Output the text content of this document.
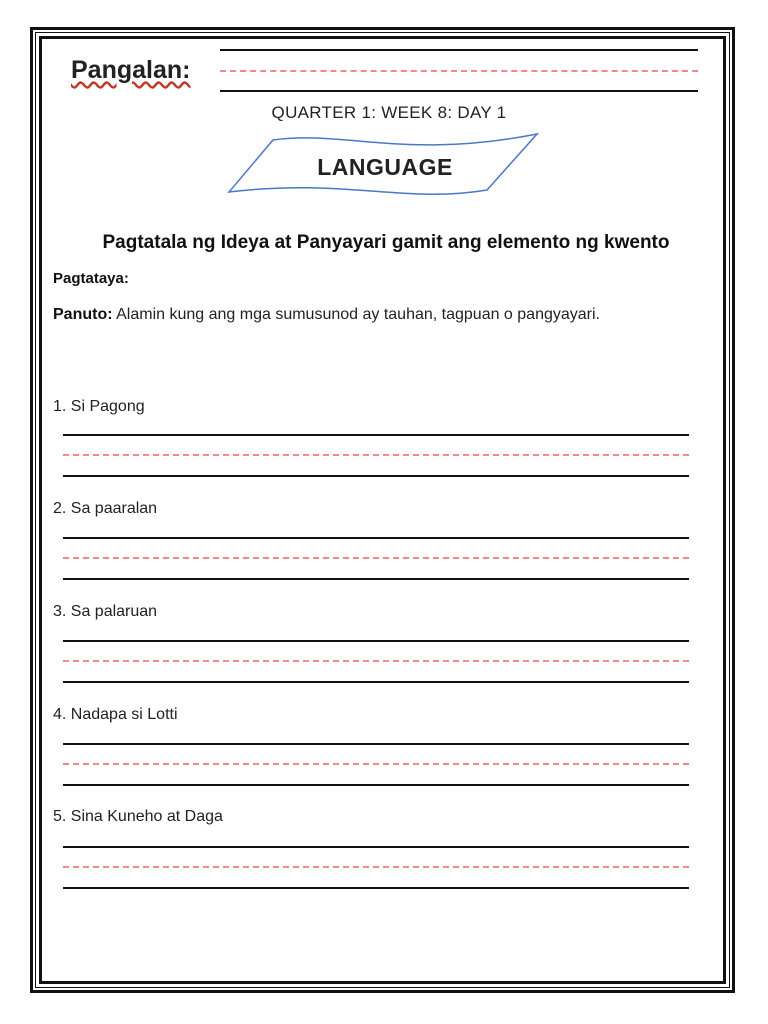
Pangalan:
QUARTER 1: WEEK 8: DAY 1
LANGUAGE
Pagtatala ng Ideya at Panyayari gamit ang elemento ng kwento
Pagtataya:
Panuto: Alamin kung ang mga sumusunod ay tauhan, tagpuan o pangyayari.
1. Si Pagong
2. Sa paaralan
3. Sa palaruan
4. Nadapa si Lotti
5. Sina Kuneho at Daga
